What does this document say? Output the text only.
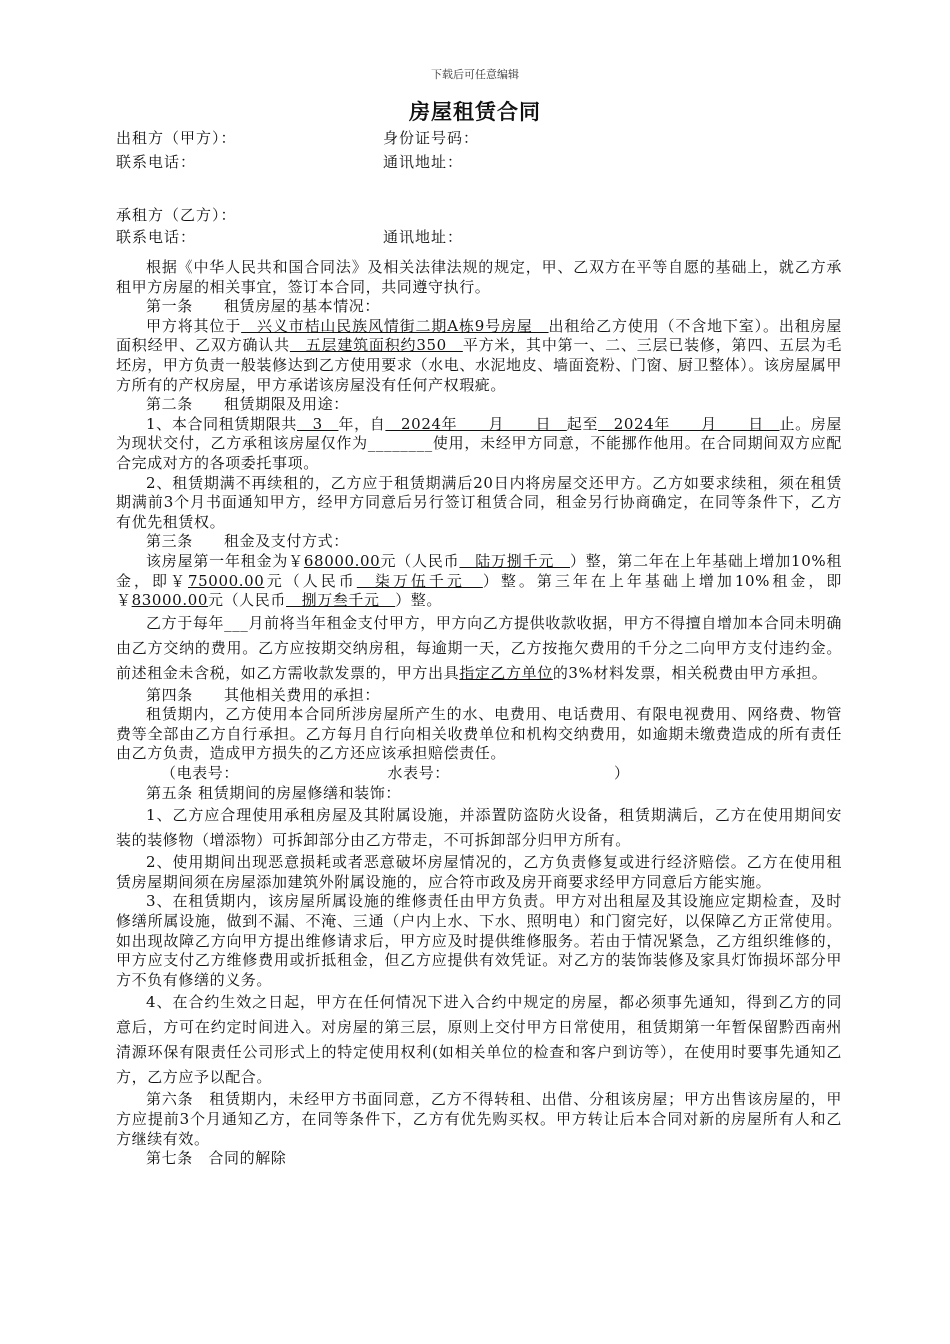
下载后可任意编辑
房屋租赁合同
出租方（甲方）：	身份证号码：
联系电话：	通讯地址：
承租方（乙方）：
联系电话：	通讯地址：

根据《中华人民共和国合同法》及相关法律法规的规定，甲、乙双方在平等自愿的基础上，就乙方承租甲方房屋的相关事宜，签订本合同，共同遵守执行。

第一条　　租赁房屋的基本情况：

甲方将其位于　兴义市桔山民族风情街二期A栋9号房屋　出租给乙方使用（不含地下室）。出租房屋面积经甲、乙双方确认共　五层建筑面积约350　平方米，其中第一、二、三层已装修，第四、五层为毛坯房，甲方负责一般装修达到乙方使用要求（水电、水泥地皮、墙面瓷粉、门窗、厨卫整体）。该房屋属甲方所有的产权房屋，甲方承诺该房屋没有任何产权瑕疵。

第二条　　租赁期限及用途：

1、本合同租赁期限共　3　年，自　2024年　　月　　日　起至　2024年　　月　　日　止。房屋为现状交付，乙方承租该房屋仅作为________使用，未经甲方同意，不能挪作他用。在合同期间双方应配合完成对方的各项委托事项。

2、租赁期满不再续租的，乙方应于租赁期满后20日内将房屋交还甲方。乙方如要求续租，须在租赁期满前3个月书面通知甲方，经甲方同意后另行签订租赁合同，租金另行协商确定，在同等条件下，乙方有优先租赁权。

第三条　　租金及支付方式：

该房屋第一年租金为￥68000.00元（人民币　陆万捌千元　）整，第二年在上年基础上增加10%租金，即￥75000.00元（人民币　柒万伍千元　）整。第三年在上年基础上增加10%租金，即￥83000.00元（人民币　捌万叁千元　）整。

乙方于每年___月前将当年租金支付甲方，甲方向乙方提供收款收据，甲方不得擅自增加本合同未明确由乙方交纳的费用。乙方应按期交纳房租，每逾期一天，乙方按拖欠费用的千分之二向甲方支付违约金。前述租金未含税，如乙方需收款发票的，甲方出具指定乙方单位的3%材料发票，相关税费由甲方承担。

第四条　　其他相关费用的承担：

租赁期内，乙方使用本合同所涉房屋所产生的水、电费用、电话费用、有限电视费用、网络费、物管费等全部由乙方自行承担。乙方每月自行向相关收费单位和机构交纳费用，如逾期未缴费造成的所有责任由乙方负责，造成甲方损失的乙方还应该承担赔偿责任。

（电表号：　　　　　　　　　　水表号：　　　　　　　　　　　）

第五条 租赁期间的房屋修缮和装饰：

1、乙方应合理使用承租房屋及其附属设施，并添置防盗防火设备，租赁期满后，乙方在使用期间安装的装修物（增添物）可拆卸部分由乙方带走，不可拆卸部分归甲方所有。

2、使用期间出现恶意损耗或者恶意破坏房屋情况的，乙方负责修复或进行经济赔偿。乙方在使用租赁房屋期间须在房屋添加建筑外附属设施的，应合符市政及房开商要求经甲方同意后方能实施。

3、在租赁期内，该房屋所属设施的维修责任由甲方负责。甲方对出租屋及其设施应定期检查，及时修缮所属设施，做到不漏、不淹、三通（户内上水、下水、照明电）和门窗完好，以保障乙方正常使用。如出现故障乙方向甲方提出维修请求后，甲方应及时提供维修服务。若由于情况紧急，乙方组织维修的，甲方应支付乙方维修费用或折抵租金，但乙方应提供有效凭证。对乙方的装饰装修及家具灯饰损坏部分甲方不负有修缮的义务。

4、在合约生效之日起，甲方在任何情况下进入合约中规定的房屋，都必须事先通知，得到乙方的同意后，方可在约定时间进入。对房屋的第三层，原则上交付甲方日常使用，租赁期第一年暂保留黔西南州清源环保有限责任公司形式上的特定使用权利(如相关单位的检查和客户到访等），在使用时要事先通知乙方，乙方应予以配合。

第六条　租赁期内，未经甲方书面同意，乙方不得转租、出借、分租该房屋；甲方出售该房屋的，甲方应提前3个月通知乙方，在同等条件下，乙方有优先购买权。甲方转让后本合同对新的房屋所有人和乙方继续有效。

第七条　合同的解除
